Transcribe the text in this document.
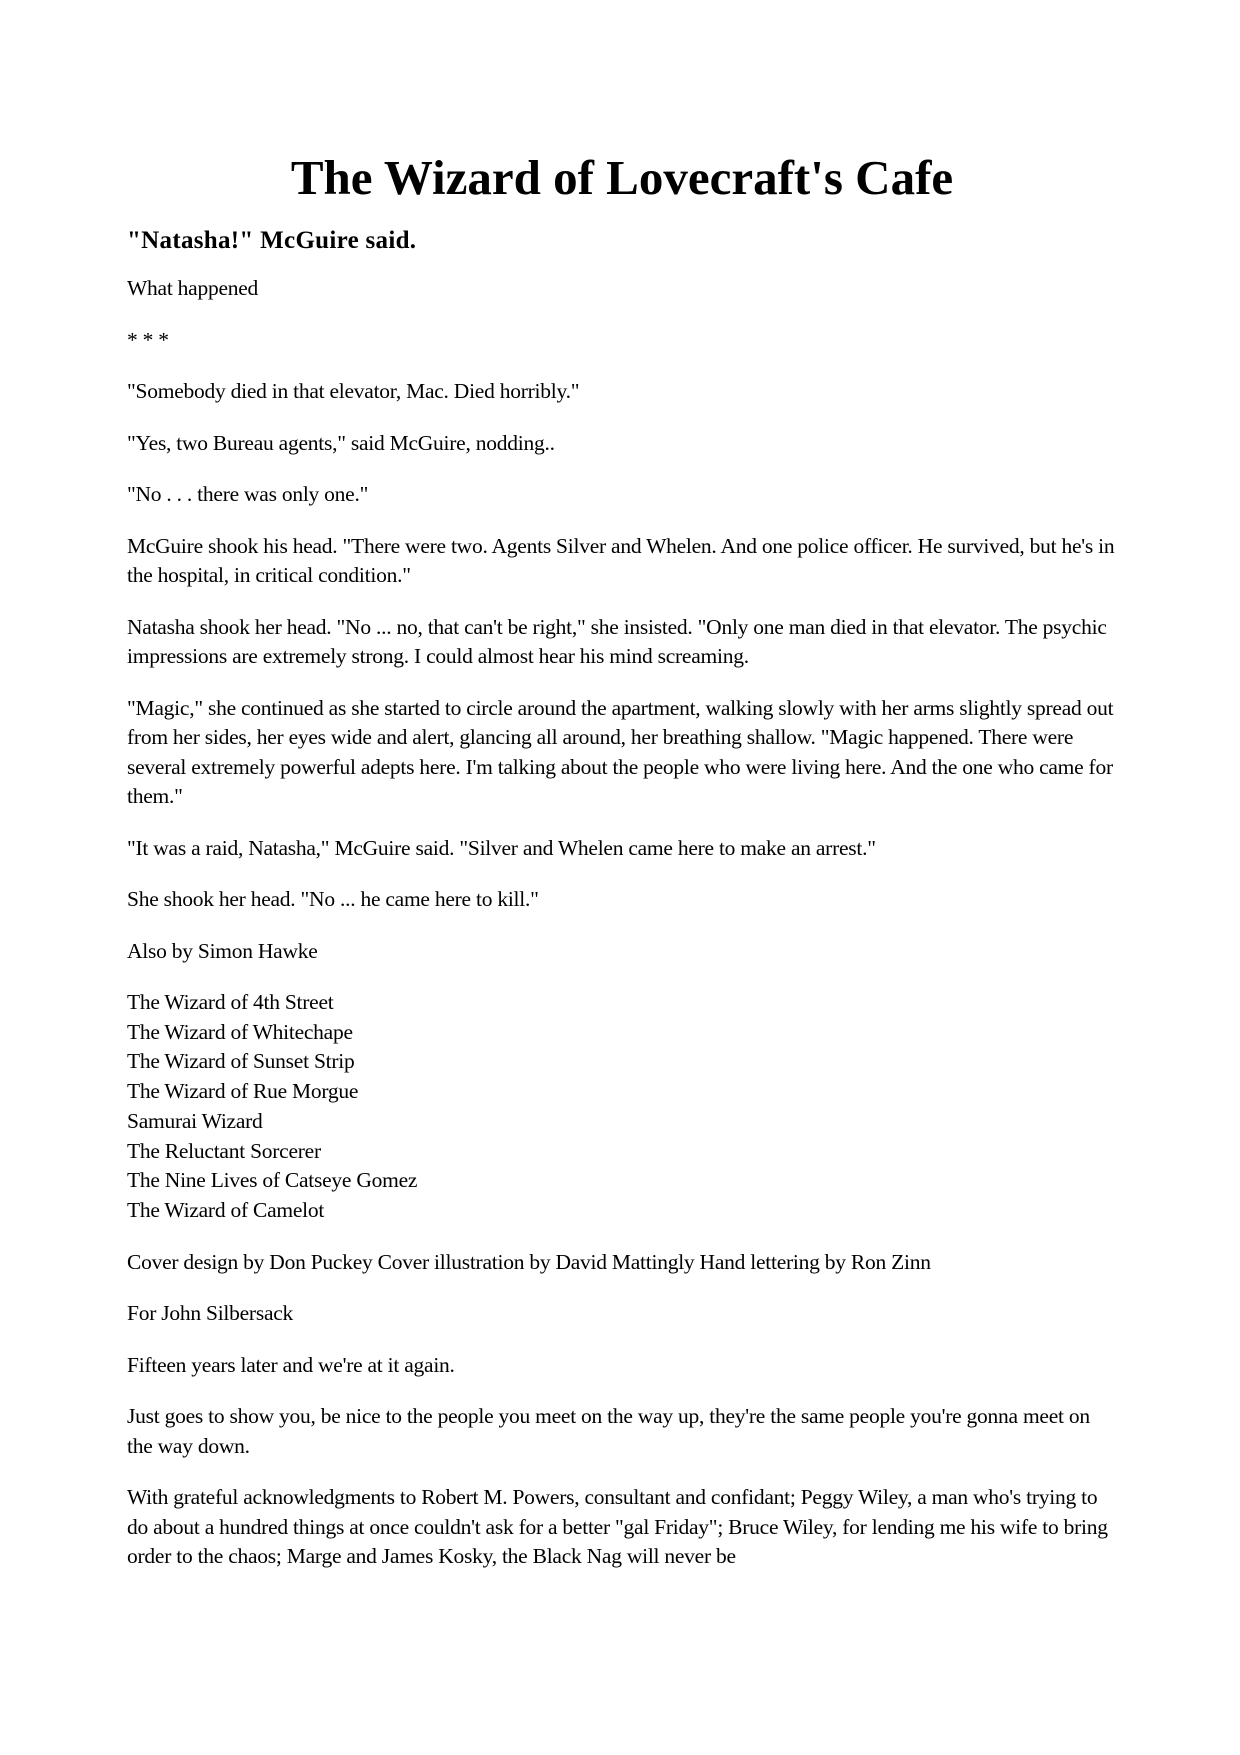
The Wizard of Lovecraft's Cafe
"Natasha!" McGuire said.

What happened

* * *

"Somebody died in that elevator, Mac. Died horribly."

"Yes, two Bureau agents," said McGuire, nodding..

"No . . . there was only one."

McGuire shook his head. "There were two. Agents Silver and Whelen. And one police officer. He survived, but he's in the hospital, in critical condition."

Natasha shook her head. "No ... no, that can't be right," she insisted. "Only one man died in that elevator. The psychic impressions are extremely strong. I could almost hear his mind screaming.

"Magic," she continued as she started to circle around the apartment, walking slowly with her arms slightly spread out from her sides, her eyes wide and alert, glancing all around, her breathing shallow. "Magic happened. There were several extremely powerful adepts here. I'm talking about the people who were living here. And the one who came for them."

"It was a raid, Natasha," McGuire said. "Silver and Whelen came here to make an arrest."

She shook her head. "No ... he came here to kill."

Also by Simon Hawke

The Wizard of 4th Street
The Wizard of Whitechape
The Wizard of Sunset Strip
The Wizard of Rue Morgue
Samurai Wizard
The Reluctant Sorcerer
The Nine Lives of Catseye Gomez
The Wizard of Camelot

Cover design by Don Puckey Cover illustration by David Mattingly Hand lettering by Ron Zinn

For John Silbersack

Fifteen years later and we're at it again.

Just goes to show you, be nice to the people you meet on the way up, they're the same people you're gonna meet on the way down.

With grateful acknowledgments to Robert M. Powers, consultant and confidant; Peggy Wiley, a man who's trying to do about a hundred things at once couldn't ask for a better "gal Friday"; Bruce Wiley, for lending me his wife to bring order to the chaos; Marge and James Kosky, the Black Nag will never be
